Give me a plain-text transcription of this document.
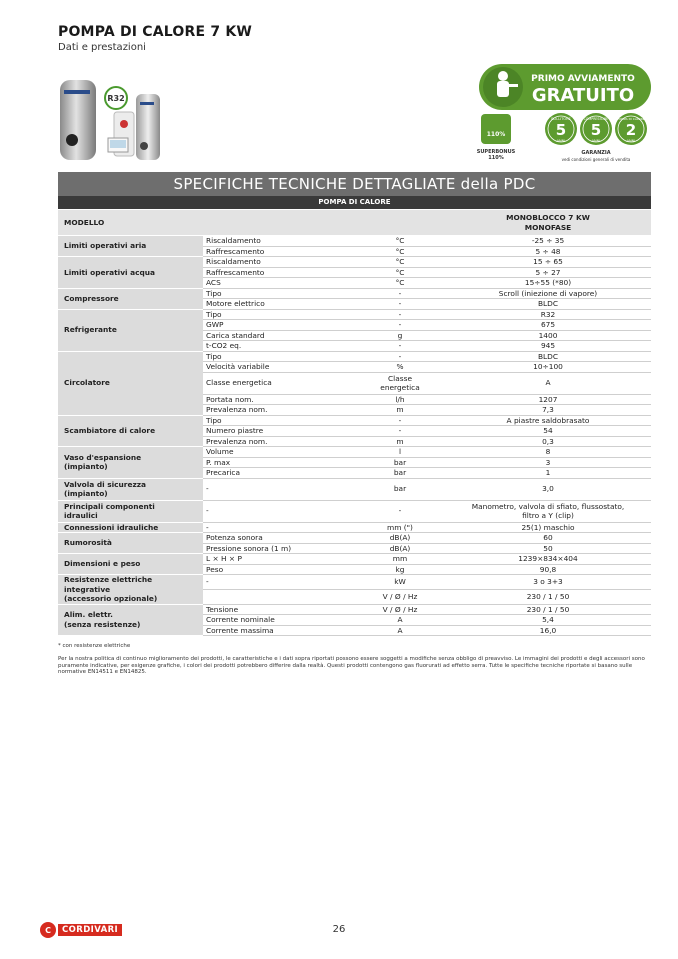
POMPA DI CALORE 7 KW
Dati e prestazioni
R32
PRIMO AVVIAMENTO
GRATUITO
110%
SUPERBONUS
110%
5
BOLLITORE
ANNI
5
COMPRESSORE
ANNI
2
POMPA DI CALORE
ANNI
GARANZIA
vedi condizioni generali di vendita
SPECIFICHE TECNICHE DETTAGLIATE della PDC
POMPA DI CALORE
MODELLO			MONOBLOCCO 7 KW
MONOFASE

Limiti operativi aria	Riscaldamento	°C	-25 ÷ 35
	Raffrescamento	°C	5 ÷ 48
Limiti operativi acqua	Riscaldamento	°C	15 ÷ 65
	Raffrescamento	°C	5 ÷ 27
	ACS	°C	15÷55 (*80)
Compressore	Tipo	-	Scroll (iniezione di vapore)
	Motore elettrico	-	BLDC
Refrigerante	Tipo	-	R32
	GWP	-	675
	Carica standard	g	1400
	t-CO2 eq.	-	945
Circolatore	Tipo	-	BLDC
	Velocità variabile	%	10÷100
	Classe energetica	Classe
energetica	A
	Portata nom.	l/h	1207
	Prevalenza nom.	m	7,3
Scambiatore di calore	Tipo	-	A piastre saldobrasato
	Numero piastre	-	54
	Prevalenza nom.	m	0,3
Vaso d'espansione
(impianto)	Volume	l	8
	P. max	bar	3
	Precarica	bar	1
Valvola di sicurezza
(impianto)	-	bar	3,0
Principali componenti
idraulici	-	-	Manometro, valvola di sfiato, flussostato,
filtro a Y (clip)
Connessioni idrauliche	-	mm (")	25(1) maschio
Rumorosità	Potenza sonora	dB(A)	60
	Pressione sonora (1 m)	dB(A)	50
Dimensioni e peso	L × H × P	mm	1239×834×404
	Peso	kg	90,8
Resistenze elettriche integrative
(accessorio opzionale)	-	kW	3 o 3+3
		V / Ø / Hz	230 / 1 / 50
Alim. elettr.
(senza resistenze)	Tensione	V / Ø / Hz	230 / 1 / 50
	Corrente nominale	A	5,4
	Corrente massima	A	16,0
* con resistenze elettriche
Per la nostra politica di continuo miglioramento dei prodotti, le caratteristiche e i dati sopra riportati possono essere soggetti a modifiche senza obbligo di preavviso. Le immagini dei prodotti e degli accessori sono puramente indicative, per esigenze grafiche, i colori dei prodotti potrebbero differire dalla realtà. Questi prodotti contengono gas fluorurati ad effetto serra. Tutte le specifiche tecniche riportate si basano sulle normative EN14511 e EN14825.
C	CORDIVARI	26
